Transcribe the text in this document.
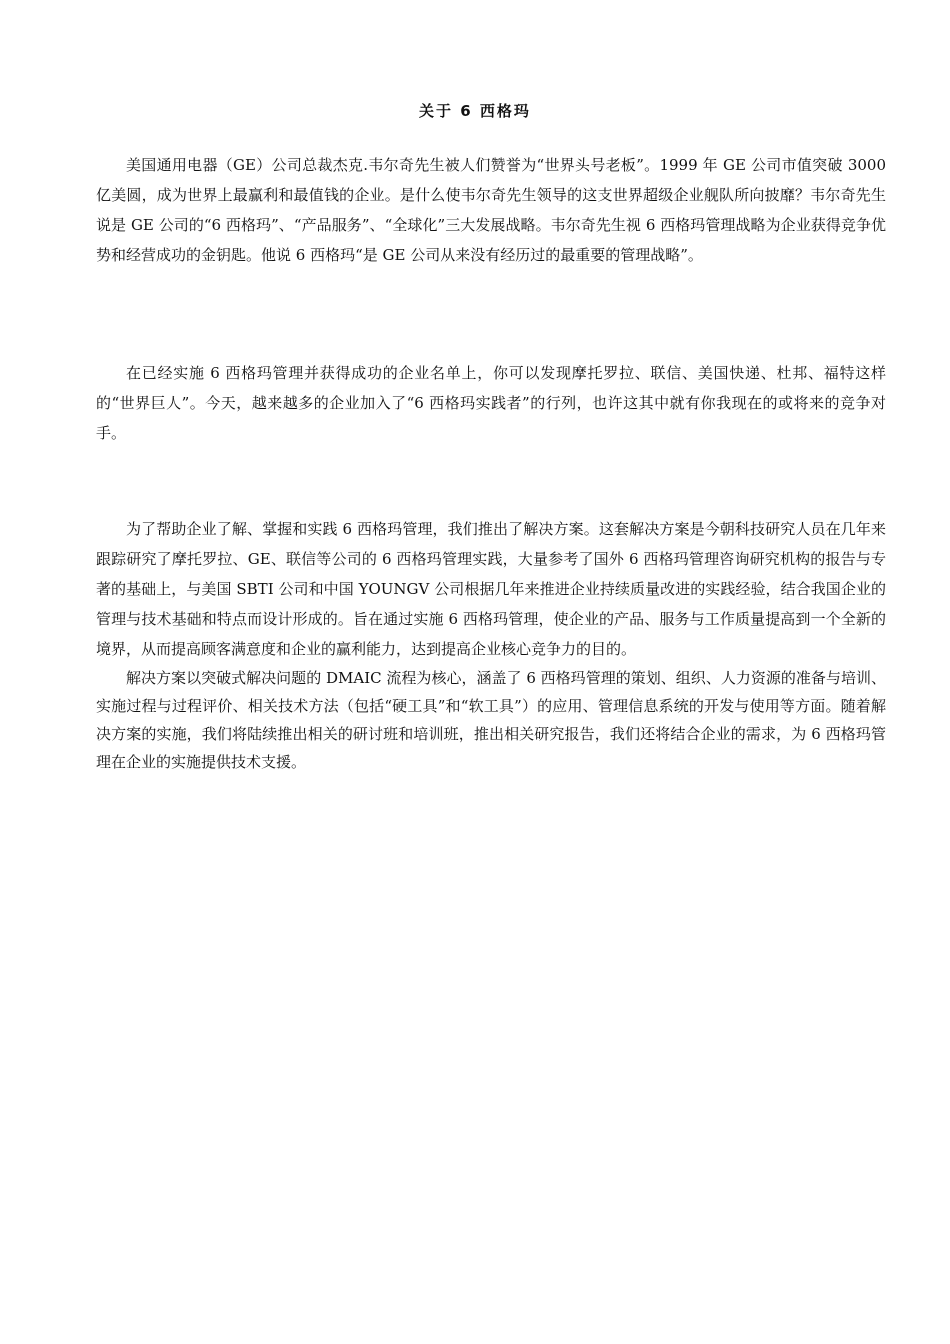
关于 6 西格玛

美国通用电器（GE）公司总裁杰克.韦尔奇先生被人们赞誉为“世界头号老板”。1999 年 GE 公司市值突破 3000 亿美圆，成为世界上最赢利和最值钱的企业。是什么使韦尔奇先生领导的这支世界超级企业舰队所向披靡？韦尔奇先生说是 GE 公司的“6 西格玛”、“产品服务”、“全球化”三大发展战略。韦尔奇先生视 6 西格玛管理战略为企业获得竞争优势和经营成功的金钥匙。他说 6 西格玛“是 GE 公司从来没有经历过的最重要的管理战略”。

在已经实施 6 西格玛管理并获得成功的企业名单上，你可以发现摩托罗拉、联信、美国快递、杜邦、福特这样的“世界巨人”。今天，越来越多的企业加入了“6 西格玛实践者”的行列，也许这其中就有你我现在的或将来的竞争对手。

为了帮助企业了解、掌握和实践 6 西格玛管理，我们推出了解决方案。这套解决方案是今朝科技研究人员在几年来跟踪研究了摩托罗拉、GE、联信等公司的 6 西格玛管理实践，大量参考了国外 6 西格玛管理咨询研究机构的报告与专著的基础上，与美国 SBTI 公司和中国 YOUNGV 公司根据几年来推进企业持续质量改进的实践经验，结合我国企业的管理与技术基础和特点而设计形成的。旨在通过实施 6 西格玛管理，使企业的产品、服务与工作质量提高到一个全新的境界，从而提高顾客满意度和企业的赢利能力，达到提高企业核心竞争力的目的。

解决方案以突破式解决问题的 DMAIC 流程为核心，涵盖了 6 西格玛管理的策划、组织、人力资源的准备与培训、实施过程与过程评价、相关技术方法（包括“硬工具”和“软工具”）的应用、管理信息系统的开发与使用等方面。随着解决方案的实施，我们将陆续推出相关的研讨班和培训班，推出相关研究报告，我们还将结合企业的需求，为 6 西格玛管理在企业的实施提供技术支援。
